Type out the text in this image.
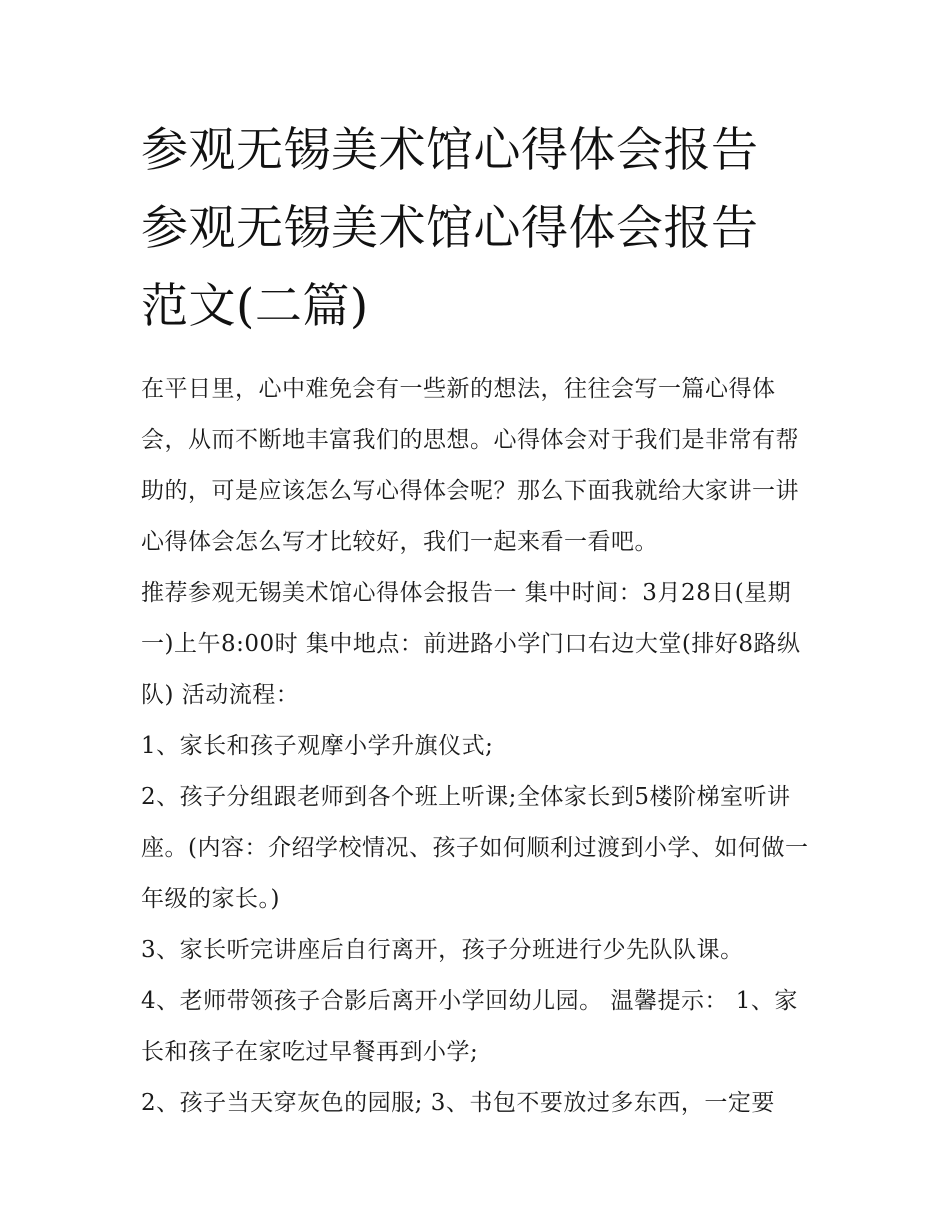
参观无锡美术馆心得体会报告
参观无锡美术馆心得体会报告
范文(二篇)

在平日里，心中难免会有一些新的想法，往往会写一篇心得体会，从而不断地丰富我们的思想。心得体会对于我们是非常有帮助的，可是应该怎么写心得体会呢？那么下面我就给大家讲一讲心得体会怎么写才比较好，我们一起来看一看吧。

推荐参观无锡美术馆心得体会报告一 集中时间：3月28日(星期一)上午8:00时 集中地点：前进路小学门口右边大堂(排好8路纵队) 活动流程：

1、家长和孩子观摩小学升旗仪式;

2、孩子分组跟老师到各个班上听课;全体家长到5楼阶梯室听讲座。(内容：介绍学校情况、孩子如何顺利过渡到小学、如何做一年级的家长。)

3、家长听完讲座后自行离开，孩子分班进行少先队队课。

4、老师带领孩子合影后离开小学回幼儿园。 温馨提示： 1、家长和孩子在家吃过早餐再到小学;

2、孩子当天穿灰色的园服; 3、书包不要放过多东西，一定要
